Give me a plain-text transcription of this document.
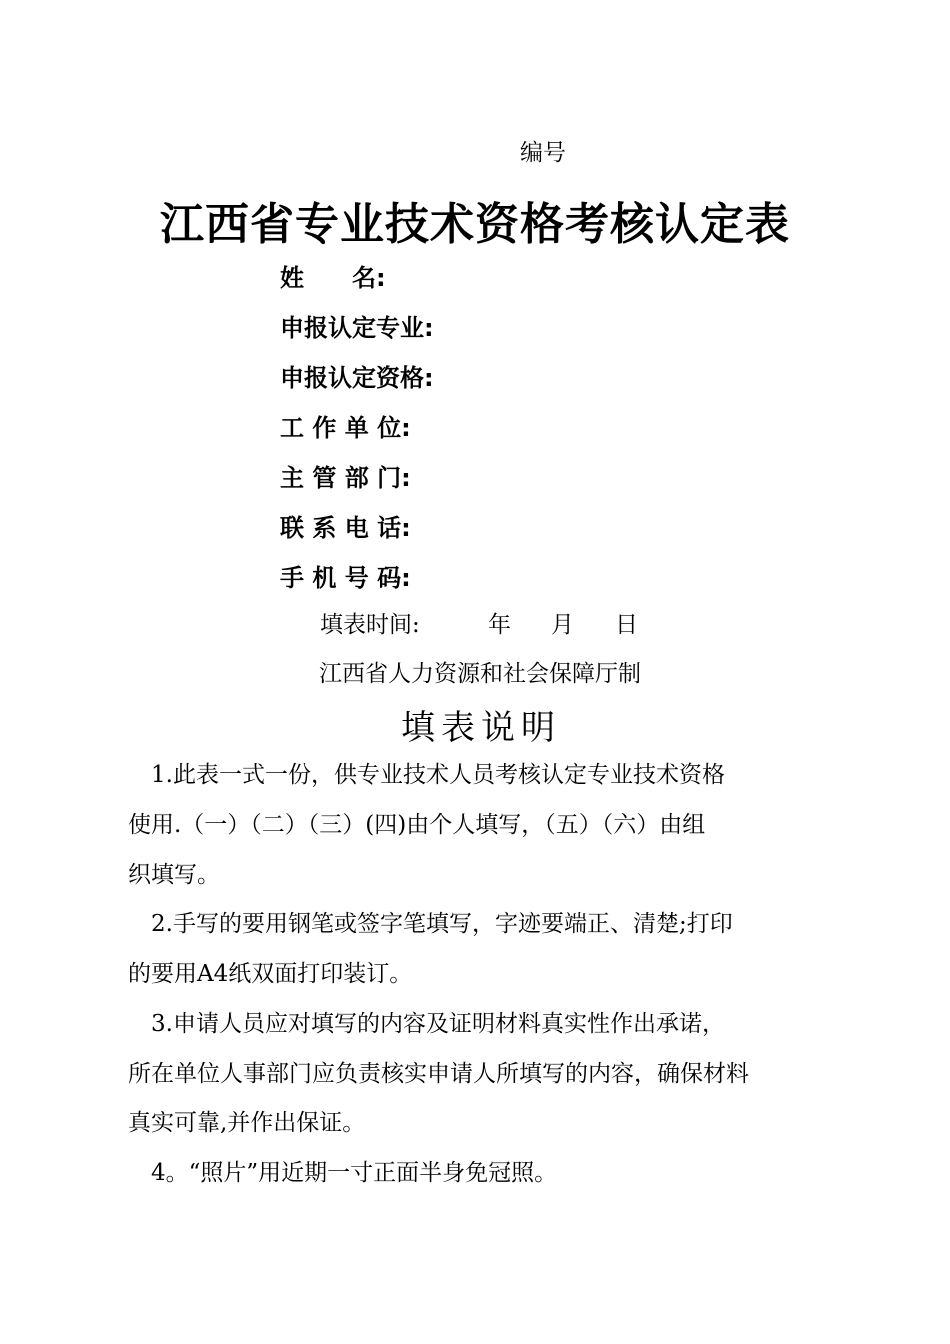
编号
江西省专业技术资格考核认定表
姓　　名:
申报认定专业:
申报认定资格:
工 作 单 位:
主 管 部 门:
联 系 电 话:
手 机 号 码:
填表时间:	年 月 日
江西省人力资源和社会保障厅制
填表说明
　1.此表一式一份，供专业技术人员考核认定专业技术资格
使用.（一）（二）（三）(四)由个人填写，（五）（六）由组
织填写。
　2.手写的要用钢笔或签字笔填写，字迹要端正、清楚;打印
的要用A4纸双面打印装订。
　3.申请人员应对填写的内容及证明材料真实性作出承诺，
所在单位人事部门应负责核实申请人所填写的内容，确保材料
真实可靠,并作出保证。
　4。“照片”用近期一寸正面半身免冠照。
